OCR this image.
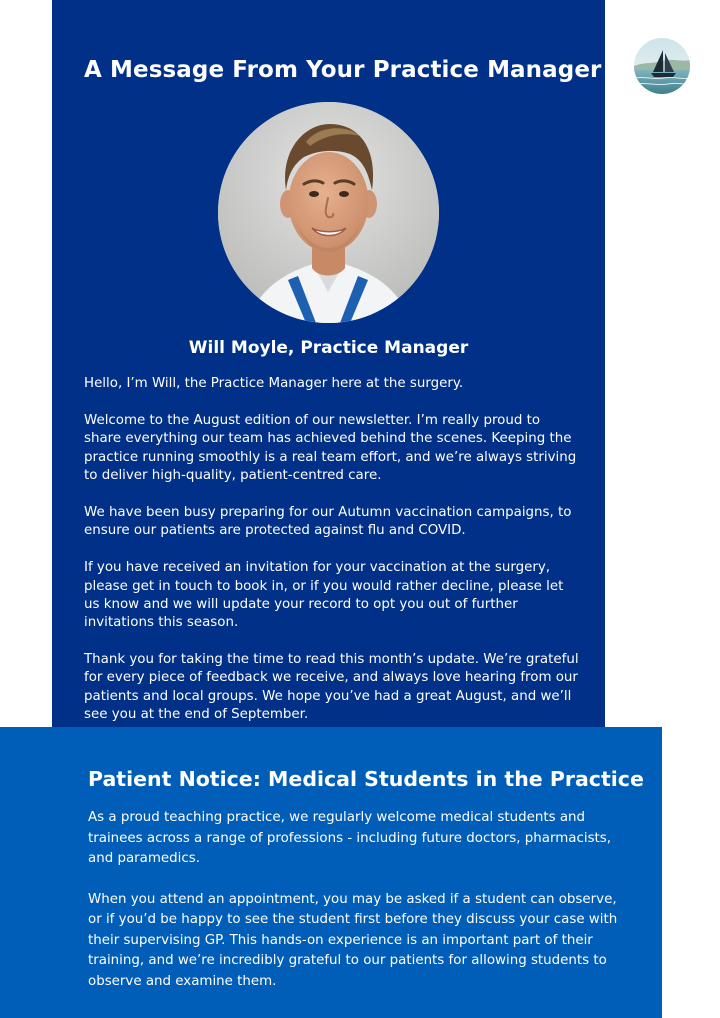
A Message From Your Practice Manager
Will Moyle, Practice Manager

Hello, I’m Will, the Practice Manager here at the surgery.

Welcome to the August edition of our newsletter. I’m really proud to share everything our team has achieved behind the scenes. Keeping the practice running smoothly is a real team effort, and we’re always striving to deliver high-quality, patient-centred care.

We have been busy preparing for our Autumn vaccination campaigns, to ensure our patients are protected against flu and COVID.

If you have received an invitation for your vaccination at the surgery, please get in touch to book in, or if you would rather decline, please let us know and we will update your record to opt you out of further invitations this season.

Thank you for taking the time to read this month’s update. We’re grateful for every piece of feedback we receive, and always love hearing from our patients and local groups. We hope you’ve had a great August, and we’ll see you at the end of September.

Patient Notice: Medical Students in the Practice

As a proud teaching practice, we regularly welcome medical students and trainees across a range of professions - including future doctors, pharmacists, and paramedics.

When you attend an appointment, you may be asked if a student can observe, or if you’d be happy to see the student first before they discuss your case with their supervising GP. This hands-on experience is an important part of their training, and we’re incredibly grateful to our patients for allowing students to observe and examine them.
